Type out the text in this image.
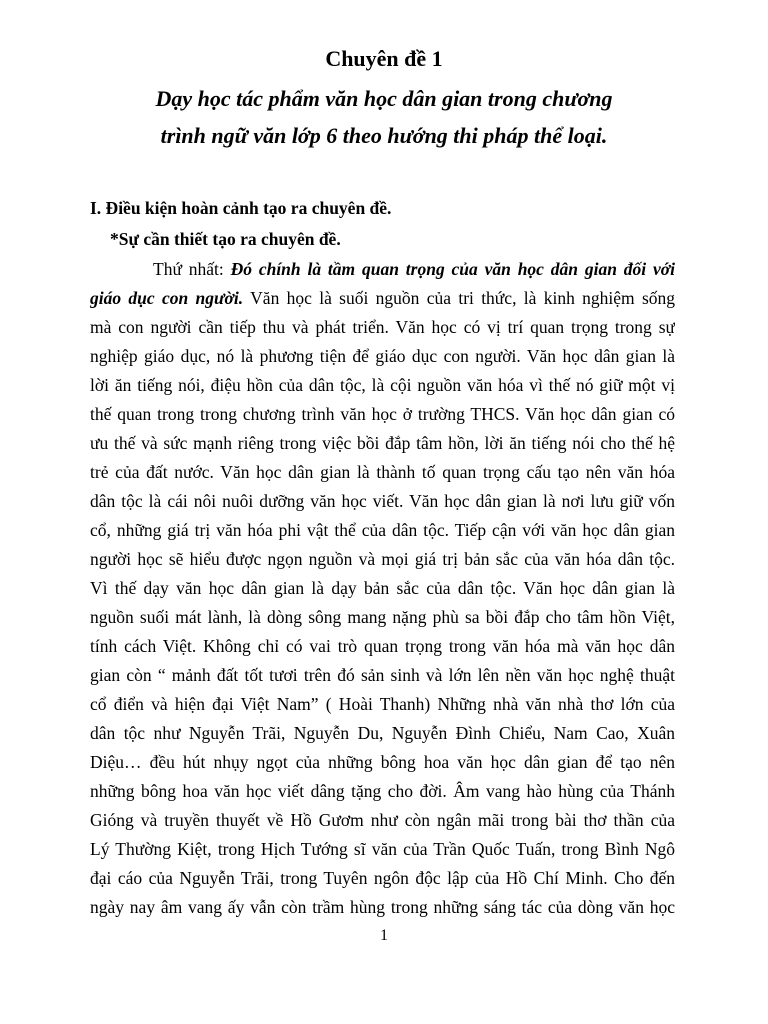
Chuyên đề 1
Dạy học tác phẩm văn học dân gian trong chương
trình ngữ văn lớp 6 theo hướng thi pháp thể loại.
I. Điều kiện hoàn cảnh tạo ra chuyên đề.
*Sự cần thiết tạo ra chuyên đề.
Thứ nhất: Đó chính là tầm quan trọng của văn học dân gian đối với
giáo dục con người. Văn học là suối nguồn của tri thức, là kinh nghiệm sống
mà con người cần tiếp thu và phát triển. Văn học có vị trí quan trọng trong sự
nghiệp giáo dục, nó là phương tiện để giáo dục con người. Văn học dân gian là
lời ăn tiếng nói, điệu hồn của dân tộc, là cội nguồn văn hóa vì thế nó giữ một vị
thế quan trong trong chương trình văn học ở trường THCS. Văn học dân gian có
ưu thế và sức mạnh riêng trong việc bồi đắp tâm hồn, lời ăn tiếng nói cho thế hệ
trẻ của đất nước. Văn học dân gian là thành tố quan trọng cấu tạo nên văn hóa
dân tộc là cái nôi nuôi dưỡng văn học viết. Văn học dân gian là nơi lưu giữ vốn
cổ, những giá trị văn hóa phi vật thể của dân tộc. Tiếp cận với văn học dân gian
người học sẽ hiểu được ngọn nguồn và mọi giá trị bản sắc của văn hóa dân tộc.
Vì thế dạy văn học dân gian là dạy bản sắc của dân tộc. Văn học dân gian là
nguồn suối mát lành, là dòng sông mang nặng phù sa bồi đắp cho tâm hồn Việt,
tính cách Việt. Không chỉ có vai trò quan trọng trong văn hóa mà văn học dân
gian còn “ mảnh đất tốt tươi trên đó sản sinh và lớn lên nền văn học nghệ thuật
cổ điển và hiện đại Việt Nam” ( Hoài Thanh) Những nhà văn nhà thơ lớn của
dân tộc như Nguyễn Trãi, Nguyễn Du, Nguyễn Đình Chiểu, Nam Cao, Xuân
Diệu… đều hút nhụy ngọt của những bông hoa văn học dân gian để tạo nên
những bông hoa văn học viết dâng tặng cho đời. Âm vang hào hùng của Thánh
Gióng và truyền thuyết về Hồ Gươm như còn ngân mãi trong bài thơ thần của
Lý Thường Kiệt, trong Hịch Tướng sĩ văn của Trần Quốc Tuấn, trong Bình Ngô
đại cáo của Nguyễn Trãi, trong Tuyên ngôn độc lập của Hồ Chí Minh. Cho đến
ngày nay âm vang ấy vẫn còn trầm hùng trong những sáng tác của dòng văn học
1
